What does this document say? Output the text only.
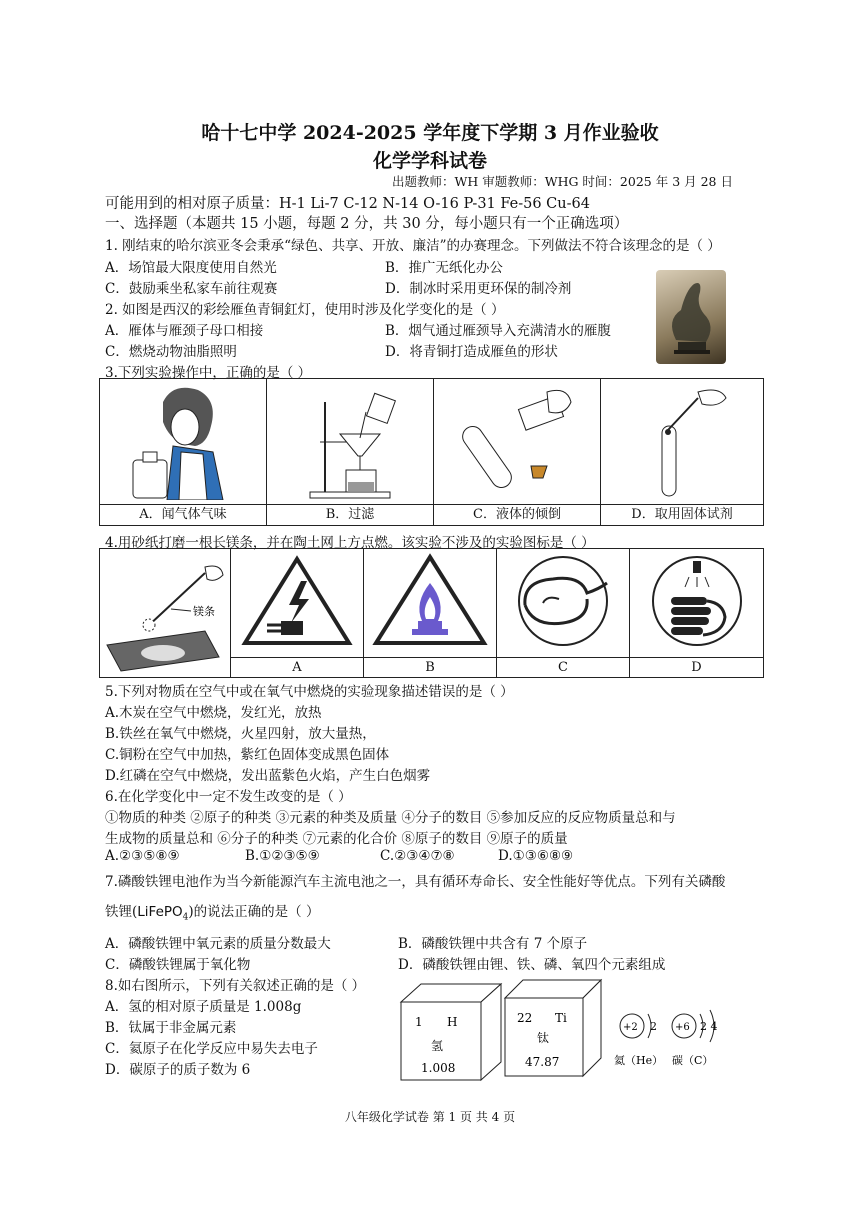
哈十七中学 2024-2025 学年度下学期 3 月作业验收
化学学科试卷
出题教师：WH 审题教师：WHG 时间：2025 年 3 月 28 日
可能用到的相对原子质量：H-1 Li-7 C-12 N-14 O-16 P-31 Fe-56 Cu-64
一、选择题（本题共 15 小题，每题 2 分，共 30 分，每小题只有一个正确选项）
1. 刚结束的哈尔滨亚冬会秉承“绿色、共享、开放、廉洁”的办赛理念。下列做法不符合该理念的是（ ）
A．场馆最大限度使用自然光	B．推广无纸化办公
C．鼓励乘坐私家车前往观赛	D．制冰时采用更环保的制冷剂
2. 如图是西汉的彩绘雁鱼青铜釭灯，使用时涉及化学变化的是（ ）
A．雁体与雁颈子母口相接	B．烟气通过雁颈导入充满清水的雁腹
C．燃烧动物油脂照明	D．将青铜打造成雁鱼的形状
3.下列实验操作中，正确的是（ ）
A．闻气体气味	B．过滤	C．液体的倾倒	D．取用固体试剂
4.用砂纸打磨一根长镁条，并在陶土网上方点燃。该实验不涉及的实验图标是（ ）
镁条

	A	B	C	D
5.下列对物质在空气中或在氧气中燃烧的实验现象描述错误的是（ ）
A.木炭在空气中燃烧，发红光，放热
B.铁丝在氧气中燃烧，火星四射，放大量热，
C.铜粉在空气中加热，紫红色固体变成黑色固体
D.红磷在空气中燃烧，发出蓝紫色火焰，产生白色烟雾
6.在化学变化中一定不发生改变的是（ ）
①物质的种类 ②原子的种类 ③元素的种类及质量 ④分子的数目 ⑤参加反应的反应物质量总和与
生成物的质量总和 ⑥分子的种类 ⑦元素的化合价 ⑧原子的数目 ⑨原子的质量
A.②③⑤⑧⑨	B.①②③⑤⑨	C.②③④⑦⑧	D.①③⑥⑧⑨
7.磷酸铁锂电池作为当今新能源汽车主流电池之一，具有循环寿命长、安全性能好等优点。下列有关磷酸
铁锂(LiFePO$_4$)的说法正确的是（ ）
A．磷酸铁锂中氧元素的质量分数最大	B．磷酸铁锂中共含有 7 个原子
C．磷酸铁锂属于氧化物	D．磷酸铁锂由锂、铁、磷、氧四个元素组成
8.如右图所示，下列有关叙述正确的是（ ）
A．氢的相对原子质量是 1.008g
B．钛属于非金属元素
C．氦原子在化学反应中易失去电子
D．碳原子的质子数为 6
1 H
氢
1.008
22 Ti
钛
47.87
+2 2
氦（He）
+6 2 4
碳（C）
八年级化学试卷 第 1 页 共 4 页
